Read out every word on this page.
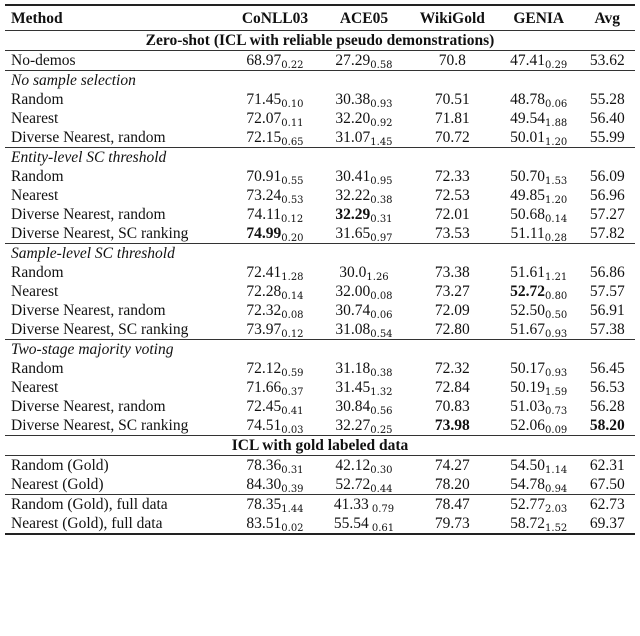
Method	CoNLL03	ACE05	WikiGold	GENIA	Avg
Zero-shot (ICL with reliable pseudo demonstrations)					
No-demos	$68.97_{0.22}$	$27.29_{0.58}$	70.8	$47.41_{0.29}$	53.62
No sample selection					
Random	$71.45_{0.10}$	$30.38_{0.93}$	70.51	$48.78_{0.06}$	55.28
Nearest	$72.07_{0.11}$	$32.20_{0.92}$	71.81	$49.54_{1.88}$	56.40
Diverse Nearest, random	$72.15_{0.65}$	$31.07_{1.45}$	70.72	$50.01_{1.20}$	55.99
Entity-level SC threshold					
Random	$70.91_{0.55}$	$30.41_{0.95}$	72.33	$50.70_{1.53}$	56.09
Nearest	$73.24_{0.53}$	$32.22_{0.38}$	72.53	$49.85_{1.20}$	56.96
Diverse Nearest, random	$74.11_{0.12}$	$32.29_{0.31}$	72.01	$50.68_{0.14}$	57.27
Diverse Nearest, SC ranking	$74.99_{0.20}$	$31.65_{0.97}$	73.53	$51.11_{0.28}$	57.82
Sample-level SC threshold					
Random	$72.41_{1.28}$	$30.0_{1.26}$	73.38	$51.61_{1.21}$	56.86
Nearest	$72.28_{0.14}$	$32.00_{0.08}$	73.27	$52.72_{0.80}$	57.57
Diverse Nearest, random	$72.32_{0.08}$	$30.74_{0.06}$	72.09	$52.50_{0.50}$	56.91
Diverse Nearest, SC ranking	$73.97_{0.12}$	$31.08_{0.54}$	72.80	$51.67_{0.93}$	57.38
Two-stage majority voting					
Random	$72.12_{0.59}$	$31.18_{0.38}$	72.32	$50.17_{0.93}$	56.45
Nearest	$71.66_{0.37}$	$31.45_{1.32}$	72.84	$50.19_{1.59}$	56.53
Diverse Nearest, random	$72.45_{0.41}$	$30.84_{0.56}$	70.83	$51.03_{0.73}$	56.28
Diverse Nearest, SC ranking	$74.51_{0.03}$	$32.27_{0.25}$	73.98	$52.06_{0.09}$	58.20
ICL with gold labeled data					
Random (Gold)	$78.36_{0.31}$	$42.12_{0.30}$	74.27	$54.50_{1.14}$	62.31
Nearest (Gold)	$84.30_{0.39}$	$52.72_{0.44}$	78.20	$54.78_{0.94}$	67.50
Random (Gold), full data	$78.35_{1.44}$	41.33 $_{0.79}$	78.47	$52.77_{2.03}$	62.73
Nearest (Gold), full data	$83.51_{0.02}$	55.54 $_{0.61}$	79.73	$58.72_{1.52}$	69.37
